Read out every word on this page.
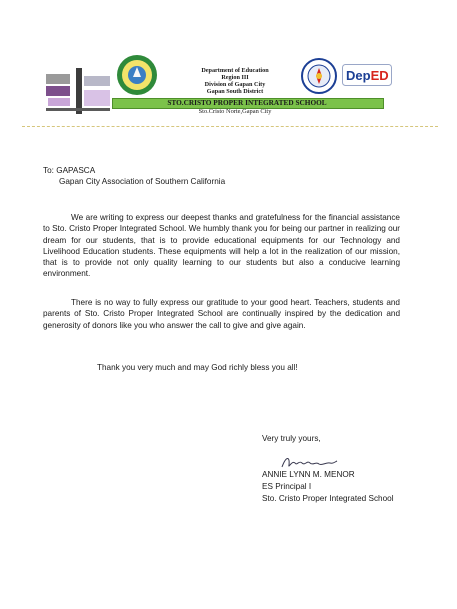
DepED
Department of Education
Region III
Division of Gapan City
Gapan South District
STO.CRISTO PROPER INTEGRATED SCHOOL
Sto.Cristo Norte,Gapan City
To: GAPASCA
Gapan City Association of Southern California
We are writing to express our deepest thanks and gratefulness for the financial assistance to Sto. Cristo Proper Integrated School. We humbly thank you for being our partner in realizing our dream for our students, that is to provide educational equipments for our Technology and Livelihood Education students. These equipments will help a lot in the realization of our mission, that is to provide not only quality learning to our students but also a conducive learning environment.
There is no way to fully express our gratitude to your good heart. Teachers, students and parents of Sto. Cristo Proper Integrated School are continually inspired by the dedication and generosity of donors like you who answer the call to give and give again.
Thank you very much and may God richly bless you all!
Very truly yours,
ANNIE LYNN M. MENOR
ES Principal I
Sto. Cristo Proper Integrated School
